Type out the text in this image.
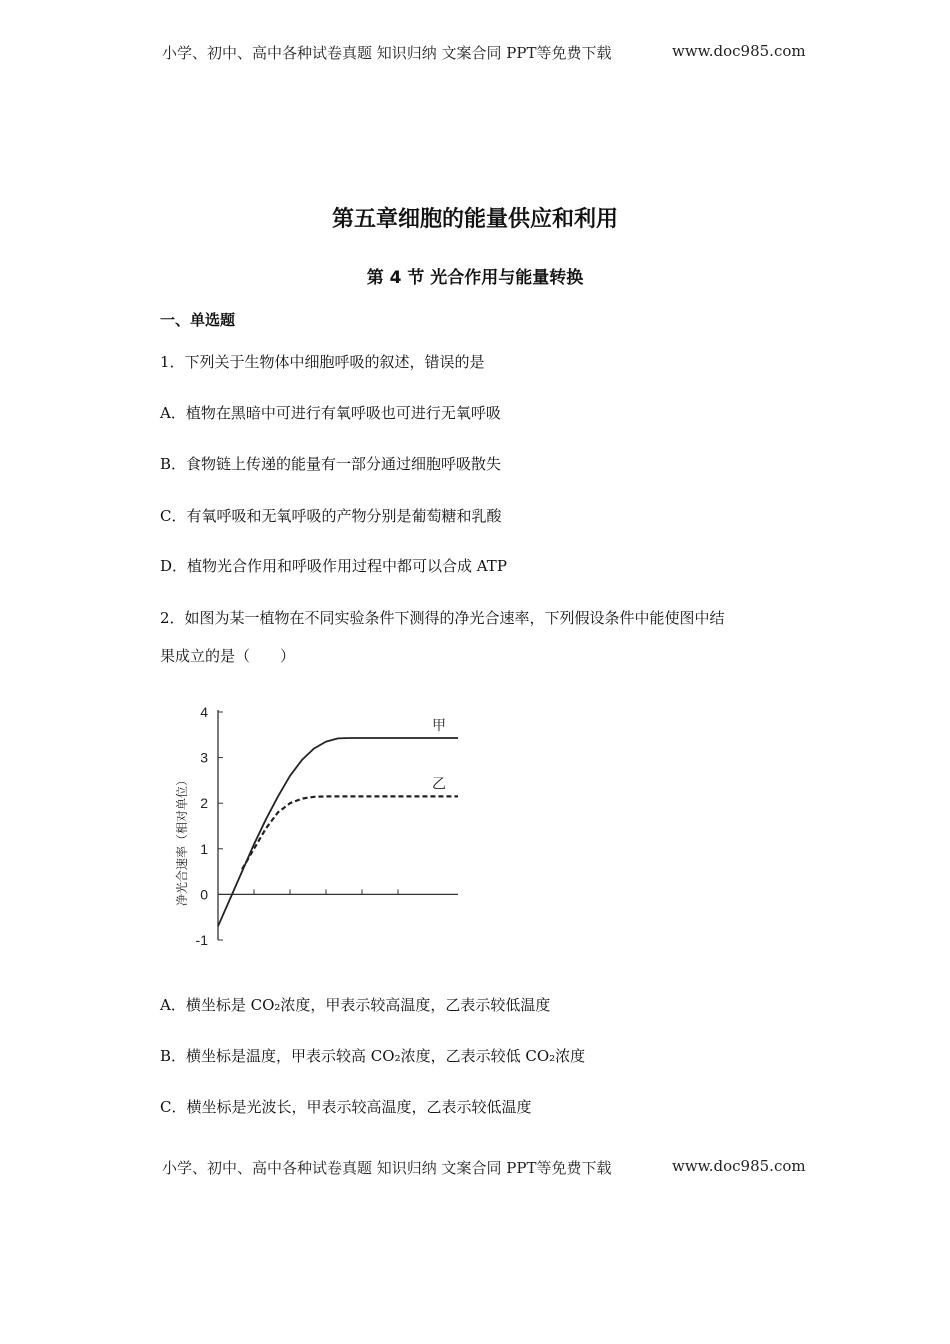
小学、初中、高中各种试卷真题 知识归纳 文案合同 PPT等免费下载	www.doc985.com
第五章细胞的能量供应和利用
第 4 节 光合作用与能量转换
一、单选题
1．下列关于生物体中细胞呼吸的叙述，错误的是
A．植物在黑暗中可进行有氧呼吸也可进行无氧呼吸
B．食物链上传递的能量有一部分通过细胞呼吸散失
C．有氧呼吸和无氧呼吸的产物分别是葡萄糖和乳酸
D．植物光合作用和呼吸作用过程中都可以合成 ATP
2．如图为某一植物在不同实验条件下测得的净光合速率，下列假设条件中能使图中结
果成立的是（　　）
4
3
2
1
0
-1
净光合速率（相对单位）
甲
乙
A．横坐标是 CO₂浓度，甲表示较高温度，乙表示较低温度
B．横坐标是温度，甲表示较高 CO₂浓度，乙表示较低 CO₂浓度
C．横坐标是光波长，甲表示较高温度，乙表示较低温度
小学、初中、高中各种试卷真题 知识归纳 文案合同 PPT等免费下载	www.doc985.com
